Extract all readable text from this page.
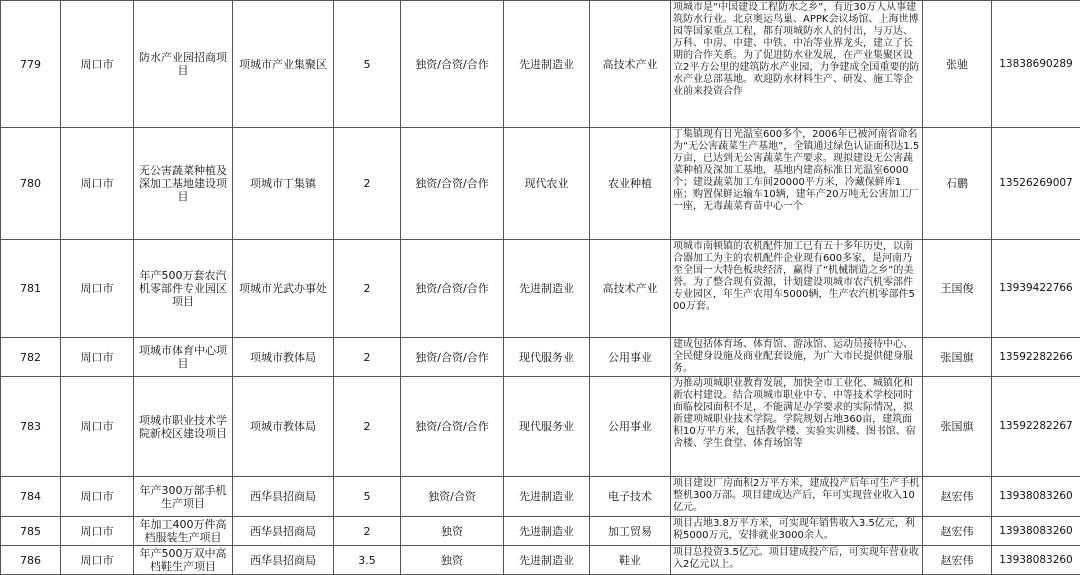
779	周口市	防水产业园招商项目	项城市产业集聚区	5	独资/合资/合作	先进制造业	高技术产业	项城市是“中国建设工程防水之乡”，有近30万人从事建筑防水行业。北京奥运鸟巢、APPK会议场馆、上海世博园等国家重点工程，都有项城防水人的付出，与万达、万科、中房、中建、中铁、中冶等业界龙头，建立了长期的合作关系。为了促进防水业发展，在产业集聚区设立2平方公里的建筑防水产业园，力争建成全国重要的防水产业总部基地。欢迎防水材料生产、研发、施工等企业前来投资合作	张驰	13838690289
780	周口市	无公害蔬菜种植及深加工基地建设项目	项城市丁集镇	2	独资/合资/合作	现代农业	农业种植	丁集镇现有日光温室600多个，2006年已被河南省命名为“无公害蔬菜生产基地”，全镇通过绿色认证面积达1.5万亩，已达到无公害蔬菜生产要求。现拟建设无公害蔬菜种植及深加工基地，基地内建高标准日光温室6000个；建设蔬菜加工车间20000平方米，冷藏保鲜库1座；购置保鲜运输车10辆，建年产20万吨无公害加工厂一座，无毒蔬菜育苗中心一个	石鹏	13526269007
781	周口市	年产500万套农汽机零部件专业园区项目	项城市光武办事处	2	独资/合资/合作	先进制造业	高技术产业	项城市南顿镇的农机配件加工已有五十多年历史，以南合器加工为主的农机配件企业现有600多家，是河南乃至全国一大特色板块经济，赢得了“机械制造之乡”的美誉。为了整合现有资源，计划建设项城市农汽机零部件专业园区，年生产农用车5000辆，生产农汽机零部件500万套。	王国俊	13939422766
782	周口市	项城市体育中心项目	项城市教体局	2	独资/合资/合作	现代服务业	公用事业	建成包括体育场、体育馆、游泳馆、运动员接待中心、全民健身设施及商业配套设施，为广大市民提供健身服务。	张国旗	13592282266
783	周口市	项城市职业技术学院新校区建设项目	项城市教体局	2	独资/合资/合作	现代服务业	公用事业	为推动项城职业教育发展，加快全市工业化、城镇化和新农村建设。结合项城市职业中专、中等技术学校同时面临校园面积不足，不能满足办学要求的实际情况，拟新建项城职业技术学院。学院规划占地360亩，建筑面积10万平方米，包括教学楼、实验实训楼、图书馆、宿舍楼、学生食堂、体育场馆等	张国旗	13592282267
784	周口市	年产300万部手机生产项目	西华县招商局	5	独资/合资	先进制造业	电子技术	项目建设厂房面积2万平方米，建成投产后年可生产手机整机300万部。项目建成达产后，年可实现营业收入10亿元。	赵宏伟	13938083260
785	周口市	年加工400万件高档服装生产项目	西华县招商局	2	独资	先进制造业	加工贸易	项目占地3.8万平方米，可实现年销售收入3.5亿元，利税5000万元，安排就业3000余人。	赵宏伟	13938083260
786	周口市	年产500万双中高档鞋生产项目	西华县招商局	3.5	独资	先进制造业	鞋业	项目总投资3.5亿元。项目建成投产后，可实现年营业收入2亿元以上。	赵宏伟	13938083260
